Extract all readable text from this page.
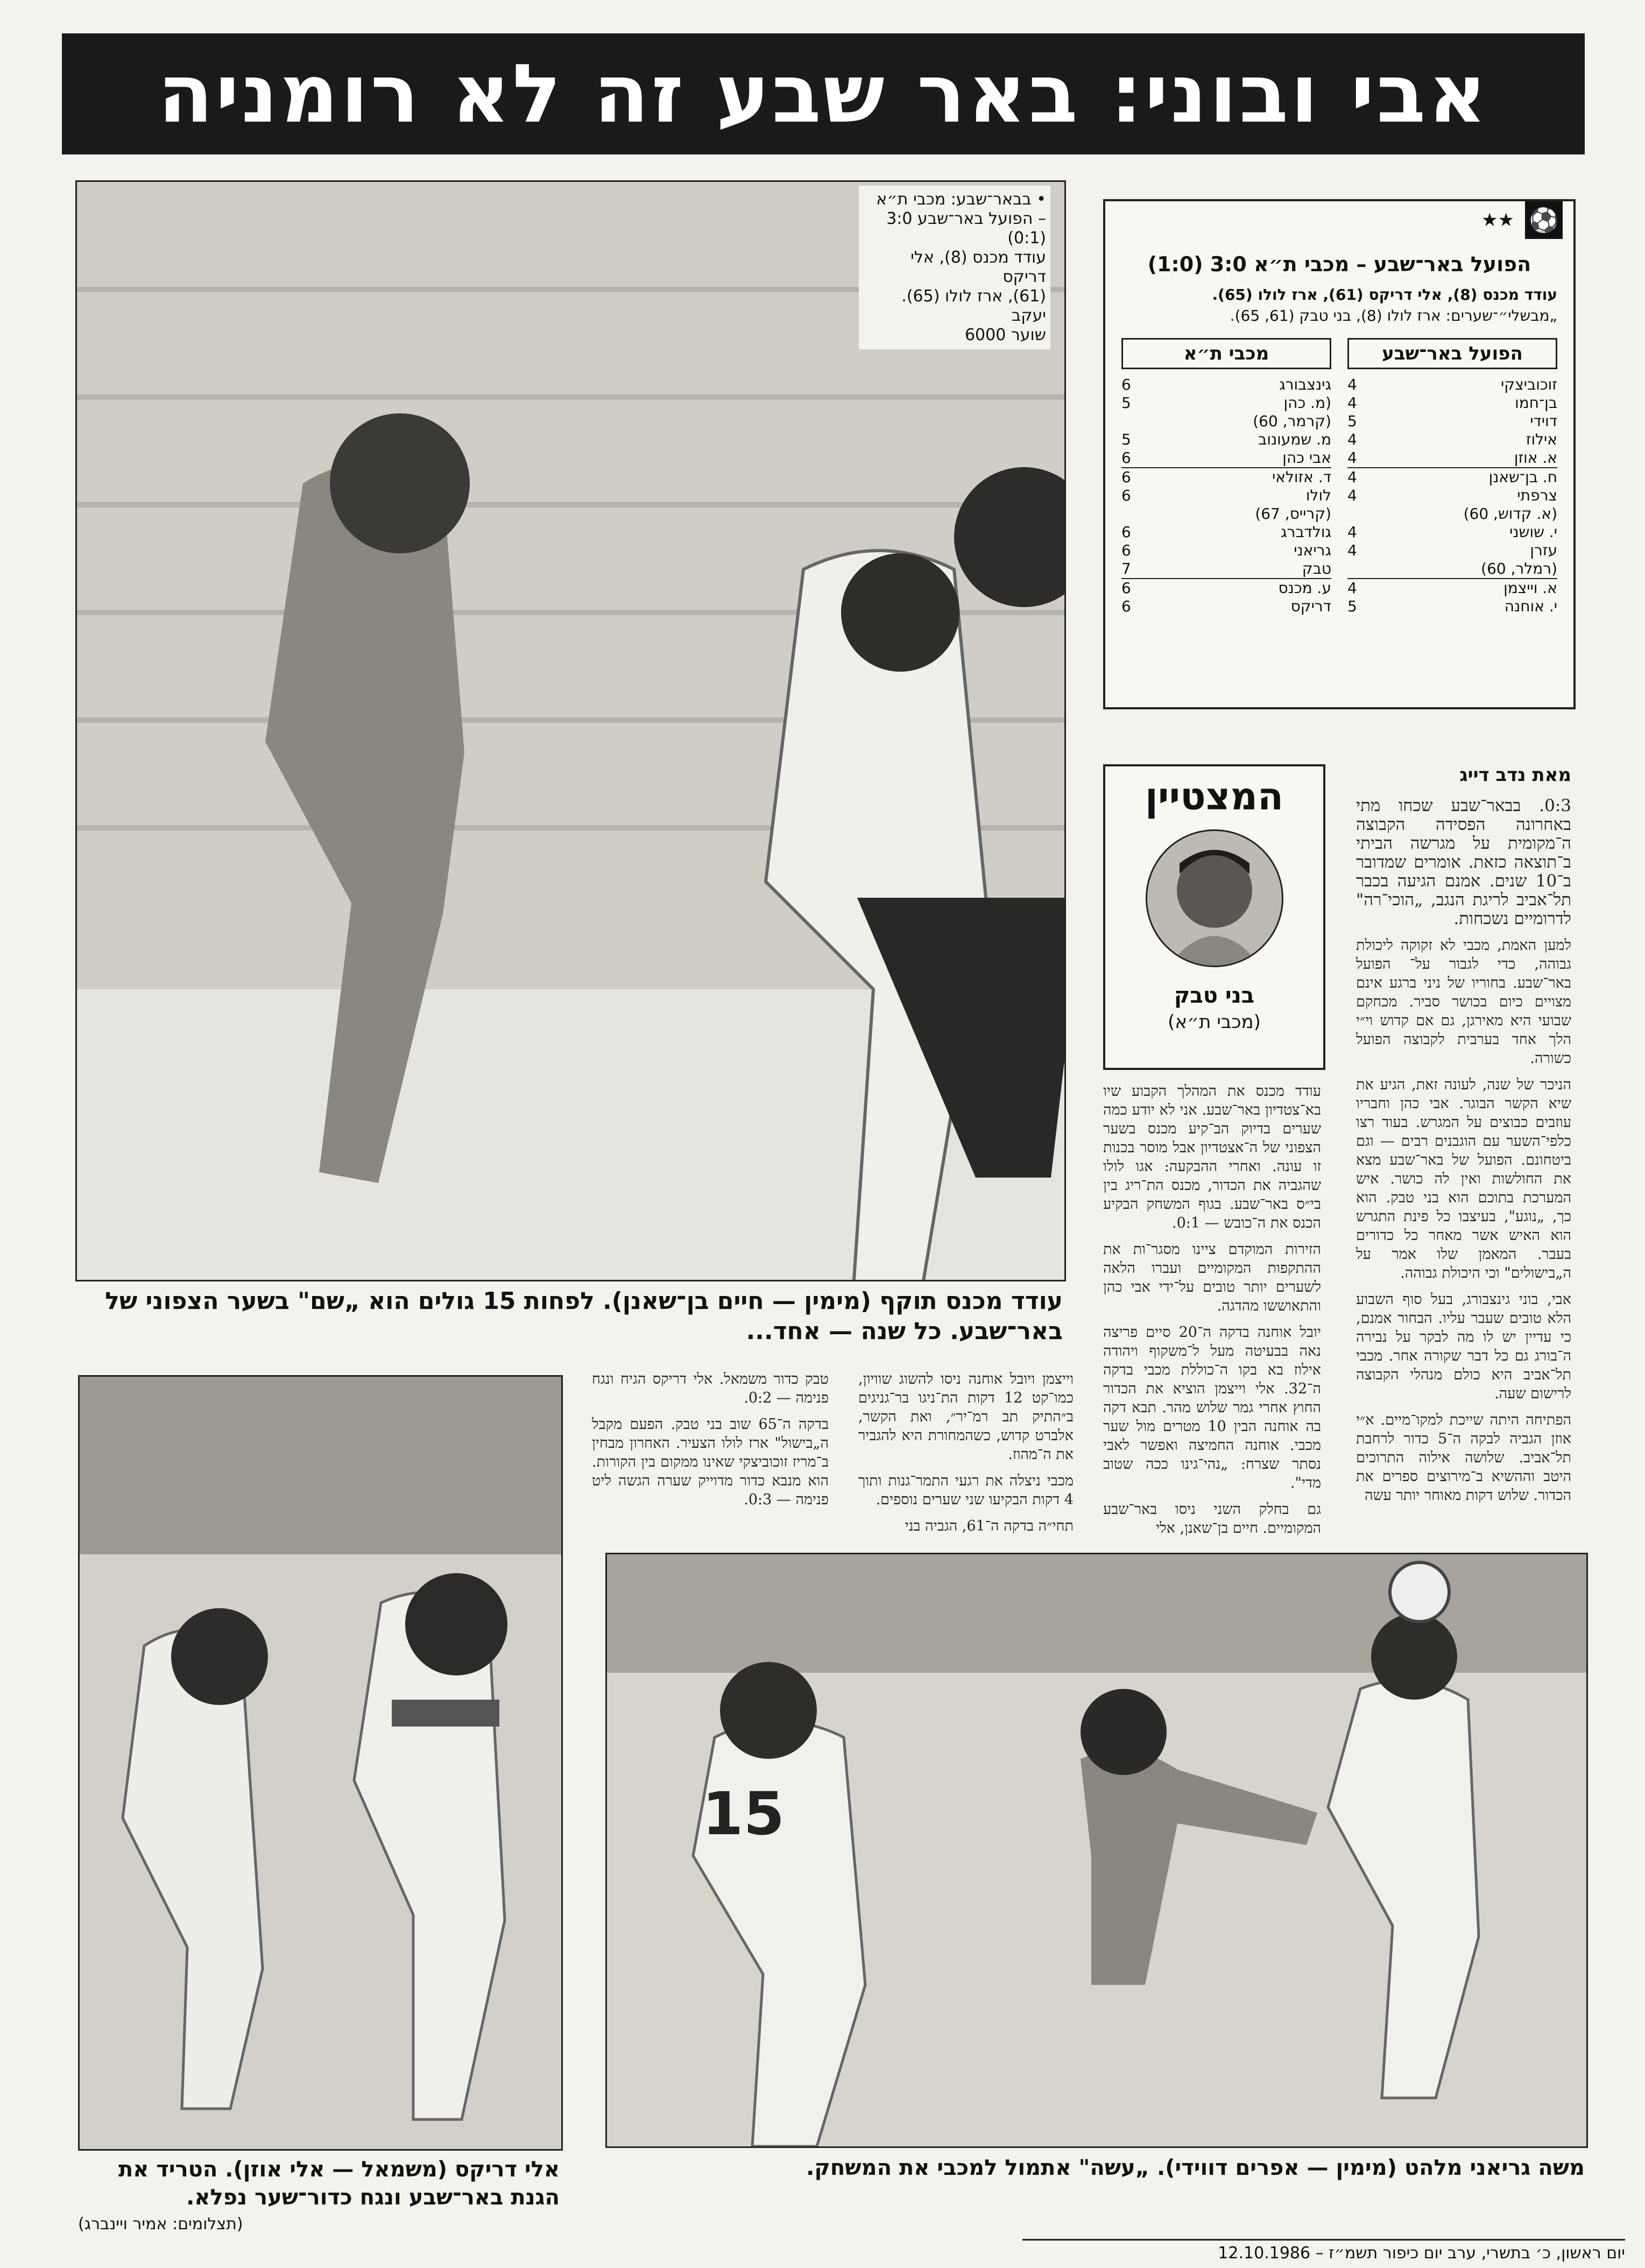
אבי ובוני: באר שבע זה לא רומניה
• בבאר־שבע: מכבי ת״א
– הפועל באר־שבע 3:0 (0:1)
עודד מכנס (8), אלי דריקס
(61), ארז לולו (65). יעקב
שוער 6000
עודד מכנס תוקף (מימין — חיים בן־שאנן). לפחות 15 גולים הוא „שם" בשער הצפוני של באר־שבע. כל שנה — אחד...
⚽
★★
הפועל באר־שבע – מכבי ת״א 3:0 (1:0)
עודד מכנס (8), אלי דריקס (61), ארז לולו (65).
„מבשלי״־שערים: ארז לולו (8), בני טבק (61, 65).
הפועל באר־שבע
זוכוביצקי
4
בן־חמו
4
דוידי
5
אילוז
4
א. אוזן
4
ח. בן־שאנן
4
צרפתי
4
(א. קדוש, 60)
י. שושני
4
עזרן
4
(רמלר, 60)
א. וייצמן
4
י. אוחנה
5
מכבי ת״א
גינצבורג
6
(מ. כהן
5
(קרמר, 60)
מ. שמעונוב
5
אבי כהן
6
ד. אזולאי
6
לולו
6
(קרייס, 67)
גולדברג
6
גריאני
6
טבק
7
ע. מכנס
6
דריקס
6
מאת נדב דייג
המצטיין
בני טבק
(מכבי ת״א)

0:3. בבאר־שבע שכחו מתי באחרונה הפסידה הקבוצה ה־מקומית על מגרשה הביתי ב־תוצאה כזאת. אומרים שמדובר ב־10 שנים. אמנם הגיעה בכבר תל־אביב לריגת הנגב, „הוכי־רה" לדרומיים נשכחות.

למען האמת, מכבי לא זקוקה ליכולת גבוהה, כדי לגבור על־ הפועל באר־שבע. בחוריו של ניני ברגע אינם מצויים כיום בכושר סביר. מכחקם שבועי היא מאירגן, גם אם קדוש וי״י הלך אחד בערבית לקבוצה הפועל כשורה.

הניכר של שנה, לעונה זאת, הגיע את שיא הקשר הבוגר. אבי כהן וחבריו עוזבים כבוצים על המגרש. בעוד רצו כלפי־השער עם הוגבנים רבים — וגם ביטחונם. הפועל של באר־שבע מצא את החולשות ואין לה כושר. איש המערכת בתוכם הוא בני טבק. הוא כך, „נוגע", בעיצבו כל פינת התגרש הוא האיש אשר מאחר כל כדורים בעבר. המאמן שלו אמר על ה„בישולים" וכי היכולת גבוהה.

אבי, בוני גינצבורג, בעל סוף השבוע הלא טובים שעבר עליו. הבחור אמנם, כי עדיין יש לו מה לבקר על נבירה ה־בורג גם כל דבר שקורה אחר. מכבי תל־אביב היא כולם מנהלי הקבוצה לרישום שעה.

הפתיחה היתה שייכת למקו־מיים. א״י אוזן הגביה לבקה ה־5 כדור לרחבת תל־אביב. שלושה אילוה התרוכים היטב וההשיא ב־מירוצים ספרים את הכדור. שלוש דקות מאוחר יותר עשה

עודד מכנס את המהלך הקבוע שיו בא־צטדיון באר־שבע. אני לא יודע כמה שערים בדיוק הב־קיע מכנס בשער הצפוני של ה־אצטדיון אבל מוסר בכנות זו עונה. ואחרי ההבקעה: אגו לולו שהגביה את הכדור, מכנס הת־ריג בין בי״ס באר־שבע. בגוף המשחק הבקיע הכנס את ה־כובש — 0:1.

הזירות המוקדם ציינו מסגר־ות את ההתקפות המקומיים ועברו הלאה לשערים יותר טובים על־ידי אבי כהן והתאוששו מהדגה.

יובל אוחנה בדקה ה־20 סיים פריצה נאה בבעיטה מעל ל־משקוף ויהודה אילוז בא בקו ה־כוללת מכבי בדקה ה־32. אלי וייצמן הוציא את הכדור החוץ אחרי גמר שלוש מהר. תבא דקה בה אוחנה הבין 10 מטרים מול שער מכבי. אוחנה החמיצה ואפשר לאבי נסתר שצרח: „נהי־גינו ככה שטוב מדי".

גם בחלק השני ניסו באר־שבע המקומיים. חיים בן־שאנן, אלי

וייצמן ויובל אוחנה ניסו להשוג שוויון, כמו־קט 12 דקות הת־ניגו בר־גניגים ב״התיק תב רמ־יר״, ואת הקשר, אלברט קדוש, כשהמחורת היא להגביר את ה־מהוז.

מכבי ניצלה את רגעי התמר־גנות ותוך 4 דקות הבקיעו שני שערים נוספים.

תחי״ה בדקה ה־61, הגביה בני

טבק כדור משמאל. אלי דריקס הגיח ונגח פנימה — 0:2.

בדקה ה־65 שוב בני טבק. הפעם מקבל ה„בישול" ארז לולו הצעיר. האחרון מבחין ב־מריז זוכוביצקי שאינו ממקום בין הקורות. הוא מנבא כדור מדוייק שערה הגשה ליט פנימה — 0:3.

אלי דריקס (משמאל — אלי אוזן). הטריד את הגנת באר־שבע ונגח כדור־שער נפלא.
(תצלומים: אמיר ויינברג)
15
משה גריאני מלהט (מימין — אפרים דווידי). „עשה" אתמול למכבי את המשחק.
יום ראשון, כ׳ בתשרי, ערב יום כיפור תשמ״ז – 12.10.1986
